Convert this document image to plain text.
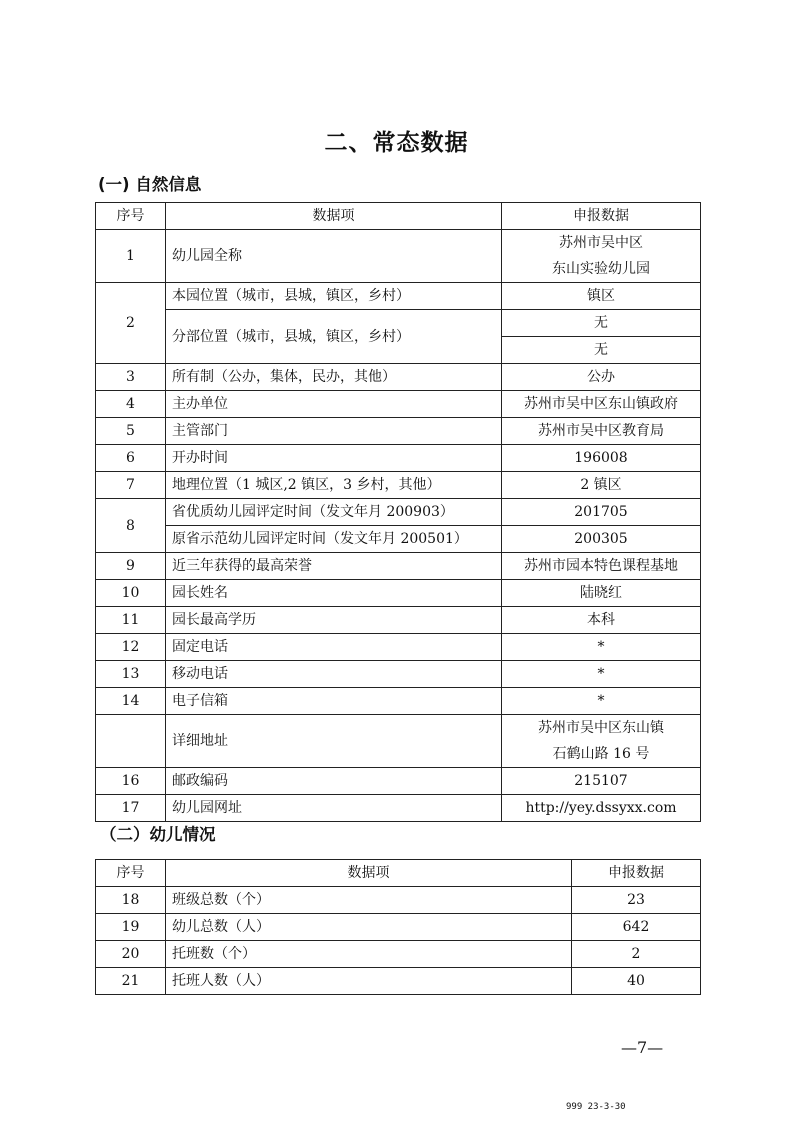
二、常态数据
(一) 自然信息
序号	数据项	申报数据
1	幼儿园全称	苏州市吴中区
东山实验幼儿园
2	本园位置（城市，县城，镇区，乡村）	镇区
	分部位置（城市，县城，镇区，乡村）	无
		无
3	所有制（公办，集体，民办，其他）	公办
4	主办单位	苏州市吴中区东山镇政府
5	主管部门	苏州市吴中区教育局
6	开办时间	196008
7	地理位置（1 城区,2 镇区，3 乡村，其他）	2 镇区
8	省优质幼儿园评定时间（发文年月 200903）	201705
	原省示范幼儿园评定时间（发文年月 200501）	200305
9	近三年获得的最高荣誉	苏州市园本特色课程基地
10	园长姓名	陆晓红
11	园长最高学历	本科
12	固定电话	*
13	移动电话	*
14	电子信箱	*
	详细地址	苏州市吴中区东山镇
石鹤山路 16 号
16	邮政编码	215107
17	幼儿园网址	http://yey.dssyxx.com
（二）幼儿情况
序号	数据项	申报数据
18	班级总数（个）	23
19	幼儿总数（人）	642
20	托班数（个）	2
21	托班人数（人）	40
—7—
999 23-3-30
